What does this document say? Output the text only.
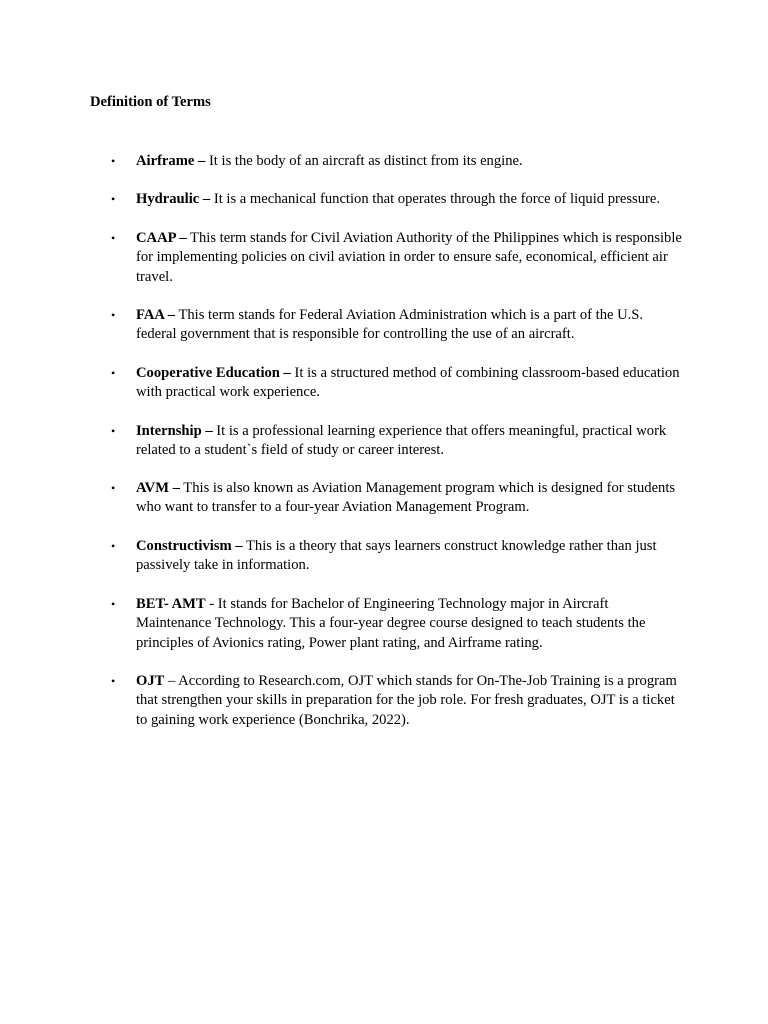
Definition of Terms
• Airframe – It is the body of an aircraft as distinct from its engine.
• Hydraulic – It is a mechanical function that operates through the force of liquid pressure.
• CAAP – This term stands for Civil Aviation Authority of the Philippines which is responsible for implementing policies on civil aviation in order to ensure safe, economical, efficient air travel.
• FAA – This term stands for Federal Aviation Administration which is a part of the U.S. federal government that is responsible for controlling the use of an aircraft.
• Cooperative Education – It is a structured method of combining classroom-based education with practical work experience.
• Internship – It is a professional learning experience that offers meaningful, practical work related to a student`s field of study or career interest.
• AVM – This is also known as Aviation Management program which is designed for students who want to transfer to a four-year Aviation Management Program.
• Constructivism – This is a theory that says learners construct knowledge rather than just passively take in information.
• BET- AMT - It stands for Bachelor of Engineering Technology major in Aircraft Maintenance Technology. This a four-year degree course designed to teach students the principles of Avionics rating, Power plant rating, and Airframe rating.
• OJT – According to Research.com, OJT which stands for On-The-Job Training is a program that strengthen your skills in preparation for the job role. For fresh graduates, OJT is a ticket to gaining work experience (Bonchrika, 2022).
